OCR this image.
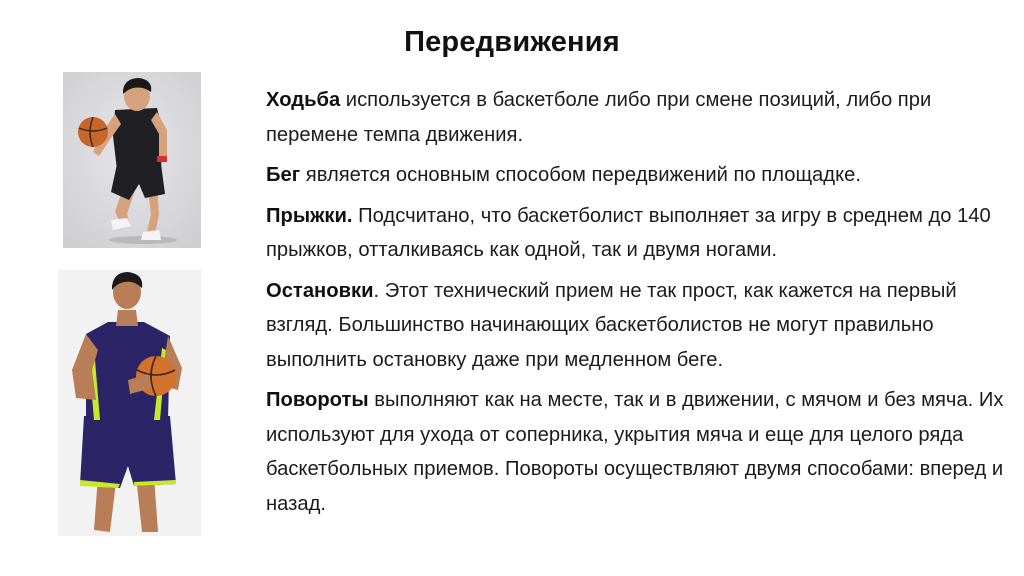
Передвижения

Ходьба используется в баскетболе либо при смене позиций, либо при перемене темпа движения.

Бег является основным способом передвижений по площадке.

Прыжки. Подсчитано, что баскетболист выполняет за игру в среднем до 140 прыжков, отталкиваясь как одной, так и двумя ногами.

Остановки. Этот технический прием не так прост, как кажется на первый взгляд. Большинство начинающих баскетболистов не могут правильно выполнить остановку даже при медленном беге.

Повороты выполняют как на месте, так и в движении, с мячом и без мяча. Их используют для ухода от соперника, укрытия мяча и еще для целого ряда баскетбольных приемов. Повороты осуществляют двумя способами: вперед и назад.
